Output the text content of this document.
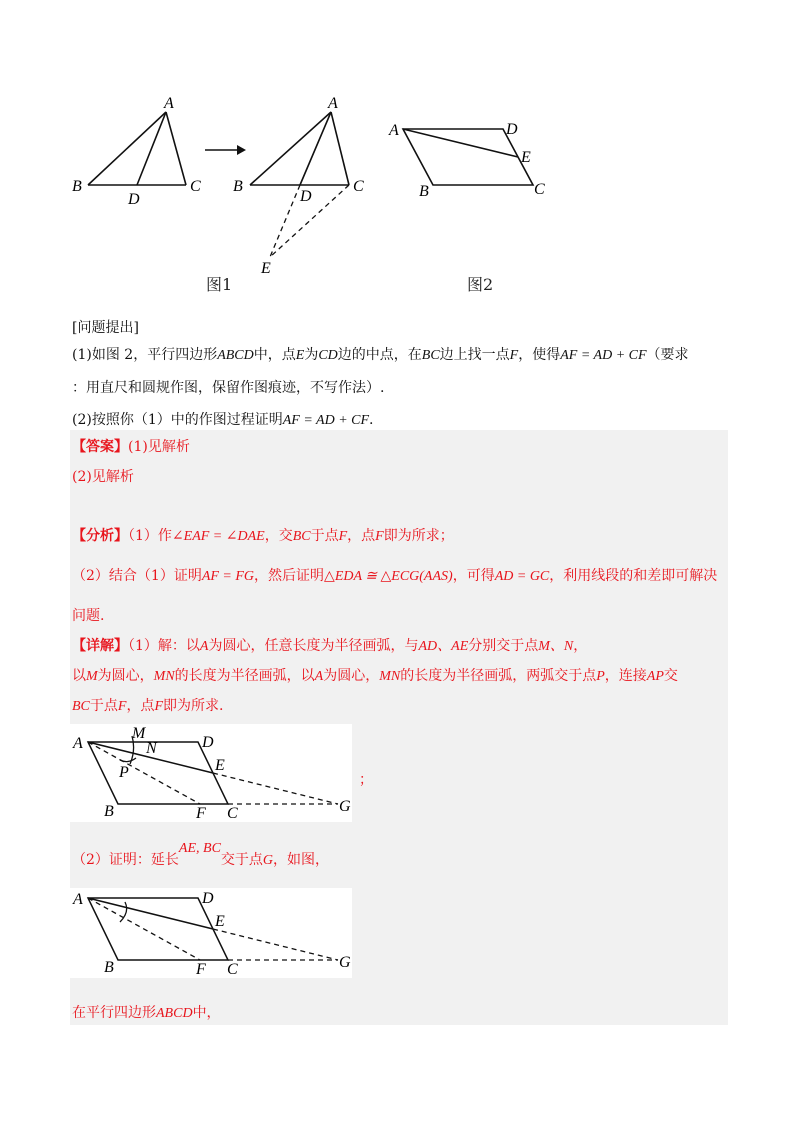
A
B	C
D
A
B	C
D
E
A	D
E
B	C
图1	图2
[问题提出]
(1)如图 2，平行四边形ABCD中，点E为CD边的中点，在BC边上找一点F，使得AF = AD + CF（要求
：用直尺和圆规作图，保留作图痕迹，不写作法）.
(2)按照你（1）中的作图过程证明AF = AD + CF.
【答案】(1)见解析
(2)见解析
【分析】（1）作∠EAF = ∠DAE，交BC于点F，点F即为所求；
（2）结合（1）证明AF = FG，然后证明△EDA ≅ △ECG(AAS)，可得AD = GC，利用线段的和差即可解决
问题.
【详解】（1）解：以A为圆心，任意长度为半径画弧，与AD、AE分别交于点M、N，
以M为圆心，MN的长度为半径画弧，以A为圆心，MN的长度为半径画弧，两弧交于点P，连接AP交
BC于点F，点F即为所求.
A
M
N	D
P	E
B	F C	G
；
（2）证明：延长AE, BC交于点G，如图，
A	D
E
B	F C	G
在平行四边形ABCD中，
